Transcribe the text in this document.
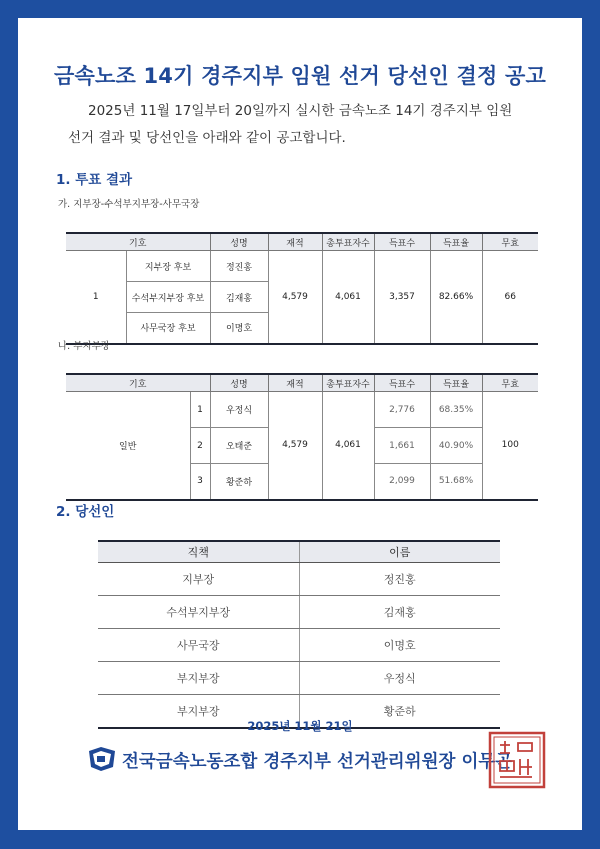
금속노조 14기 경주지부 임원 선거 당선인 결정 공고
2025년 11월 17일부터 20일까지 실시한 금속노조 14기 경주지부 임원
선거 결과 및 당선인을 아래와 같이 공고합니다.
1. 투표 결과
가. 지부장-수석부지부장-사무국장
기호		성명	재적	총투표자수	득표수	득표율	무효
1	지부장 후보	정진홍	4,579	4,061	3,357	82.66%	66
	수석부지부장 후보	김재홍					
	사무국장 후보	이명호					
나. 부지부장
기호		성명	재적	총투표자수	득표수	득표율	무효
일반	1	우정식	4,579	4,061	2,776	68.35%	100
	2	오태준			1,661	40.90%	
	3	황준하			2,099	51.68%	
2. 당선인
직책	이름
지부장	정진홍
수석부지부장	김재홍
사무국장	이명호
부지부장	우정식
부지부장	황준하
2025년 11월 21일
전국금속노동조합 경주지부 선거관리위원장 이무곤
